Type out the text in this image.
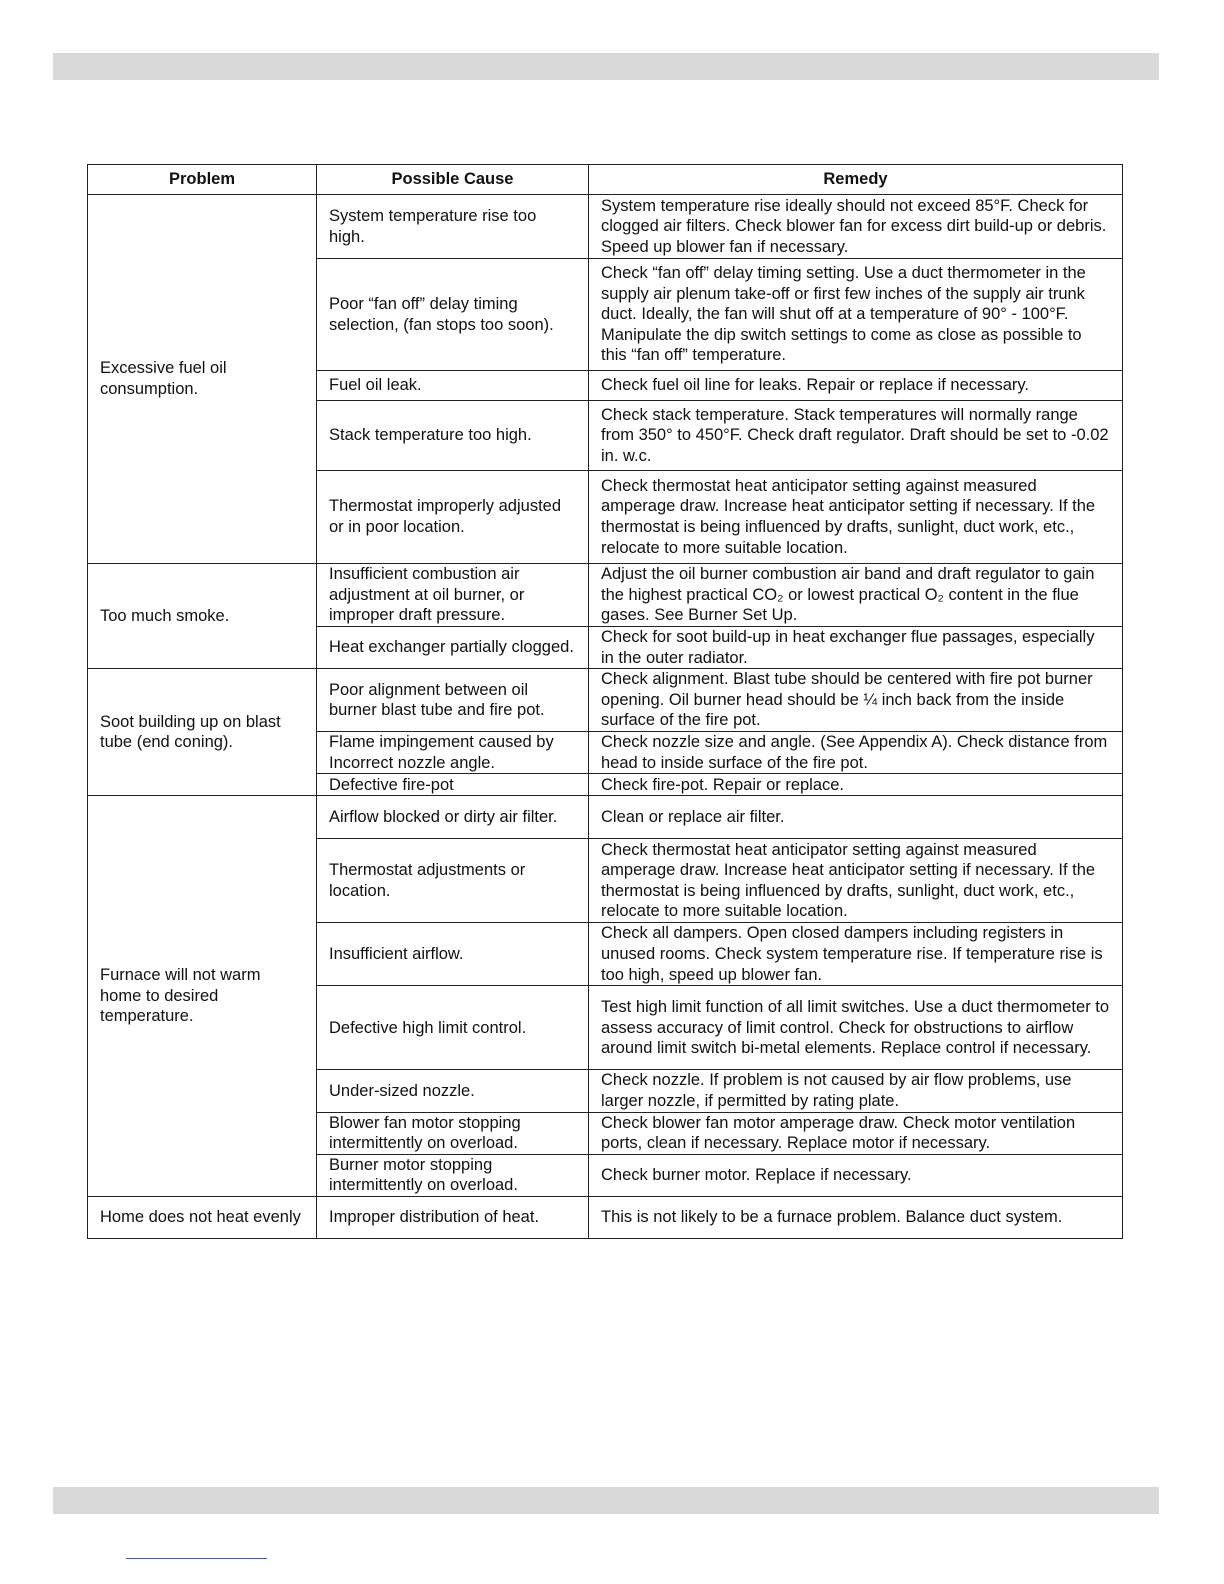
Problem	Possible Cause	Remedy
Excessive fuel oil consumption.	System temperature rise too high.	System temperature rise ideally should not exceed 85°F. Check for clogged air filters. Check blower fan for excess dirt build-up or debris. Speed up blower fan if necessary.
	Poor “fan off” delay timing selection, (fan stops too soon).	Check “fan off” delay timing setting. Use a duct thermometer in the supply air plenum take-off or first few inches of the supply air trunk duct. Ideally, the fan will shut off at a temperature of 90° - 100°F. Manipulate the dip switch settings to come as close as possible to this “fan off” temperature.
	Fuel oil leak.	Check fuel oil line for leaks. Repair or replace if necessary.
	Stack temperature too high.	Check stack temperature. Stack temperatures will normally range from 350° to 450°F. Check draft regulator. Draft should be set to -0.02 in. w.c.
	Thermostat improperly adjusted or in poor location.	Check thermostat heat anticipator setting against measured amperage draw. Increase heat anticipator setting if necessary. If the thermostat is being influenced by drafts, sunlight, duct work, etc., relocate to more suitable location.
Too much smoke.	Insufficient combustion air adjustment at oil burner, or improper draft pressure.	Adjust the oil burner combustion air band and draft regulator to gain the highest practical CO₂ or lowest practical O₂ content in the flue gases. See Burner Set Up.
	Heat exchanger partially clogged.	Check for soot build-up in heat exchanger flue passages, especially in the outer radiator.
Soot building up on blast tube (end coning).	Poor alignment between oil burner blast tube and fire pot.	Check alignment. Blast tube should be centered with fire pot burner opening. Oil burner head should be ¼ inch back from the inside surface of the fire pot.
	Flame impingement caused by Incorrect nozzle angle.	Check nozzle size and angle. (See Appendix A). Check distance from head to inside surface of the fire pot.
	Defective fire-pot	Check fire-pot. Repair or replace.
Furnace will not warm home to desired temperature.	Airflow blocked or dirty air filter.	Clean or replace air filter.
	Thermostat adjustments or location.	Check thermostat heat anticipator setting against measured amperage draw. Increase heat anticipator setting if necessary. If the thermostat is being influenced by drafts, sunlight, duct work, etc., relocate to more suitable location.
	Insufficient airflow.	Check all dampers. Open closed dampers including registers in unused rooms. Check system temperature rise. If temperature rise is too high, speed up blower fan.
	Defective high limit control.	Test high limit function of all limit switches. Use a duct thermometer to assess accuracy of limit control. Check for obstructions to airflow around limit switch bi-metal elements. Replace control if necessary.
	Under-sized nozzle.	Check nozzle. If problem is not caused by air flow problems, use larger nozzle, if permitted by rating plate.
	Blower fan motor stopping intermittently on overload.	Check blower fan motor amperage draw. Check motor ventilation ports, clean if necessary. Replace motor if necessary.
	Burner motor stopping intermittently on overload.	Check burner motor. Replace if necessary.
Home does not heat evenly	Improper distribution of heat.	This is not likely to be a furnace problem. Balance duct system.
